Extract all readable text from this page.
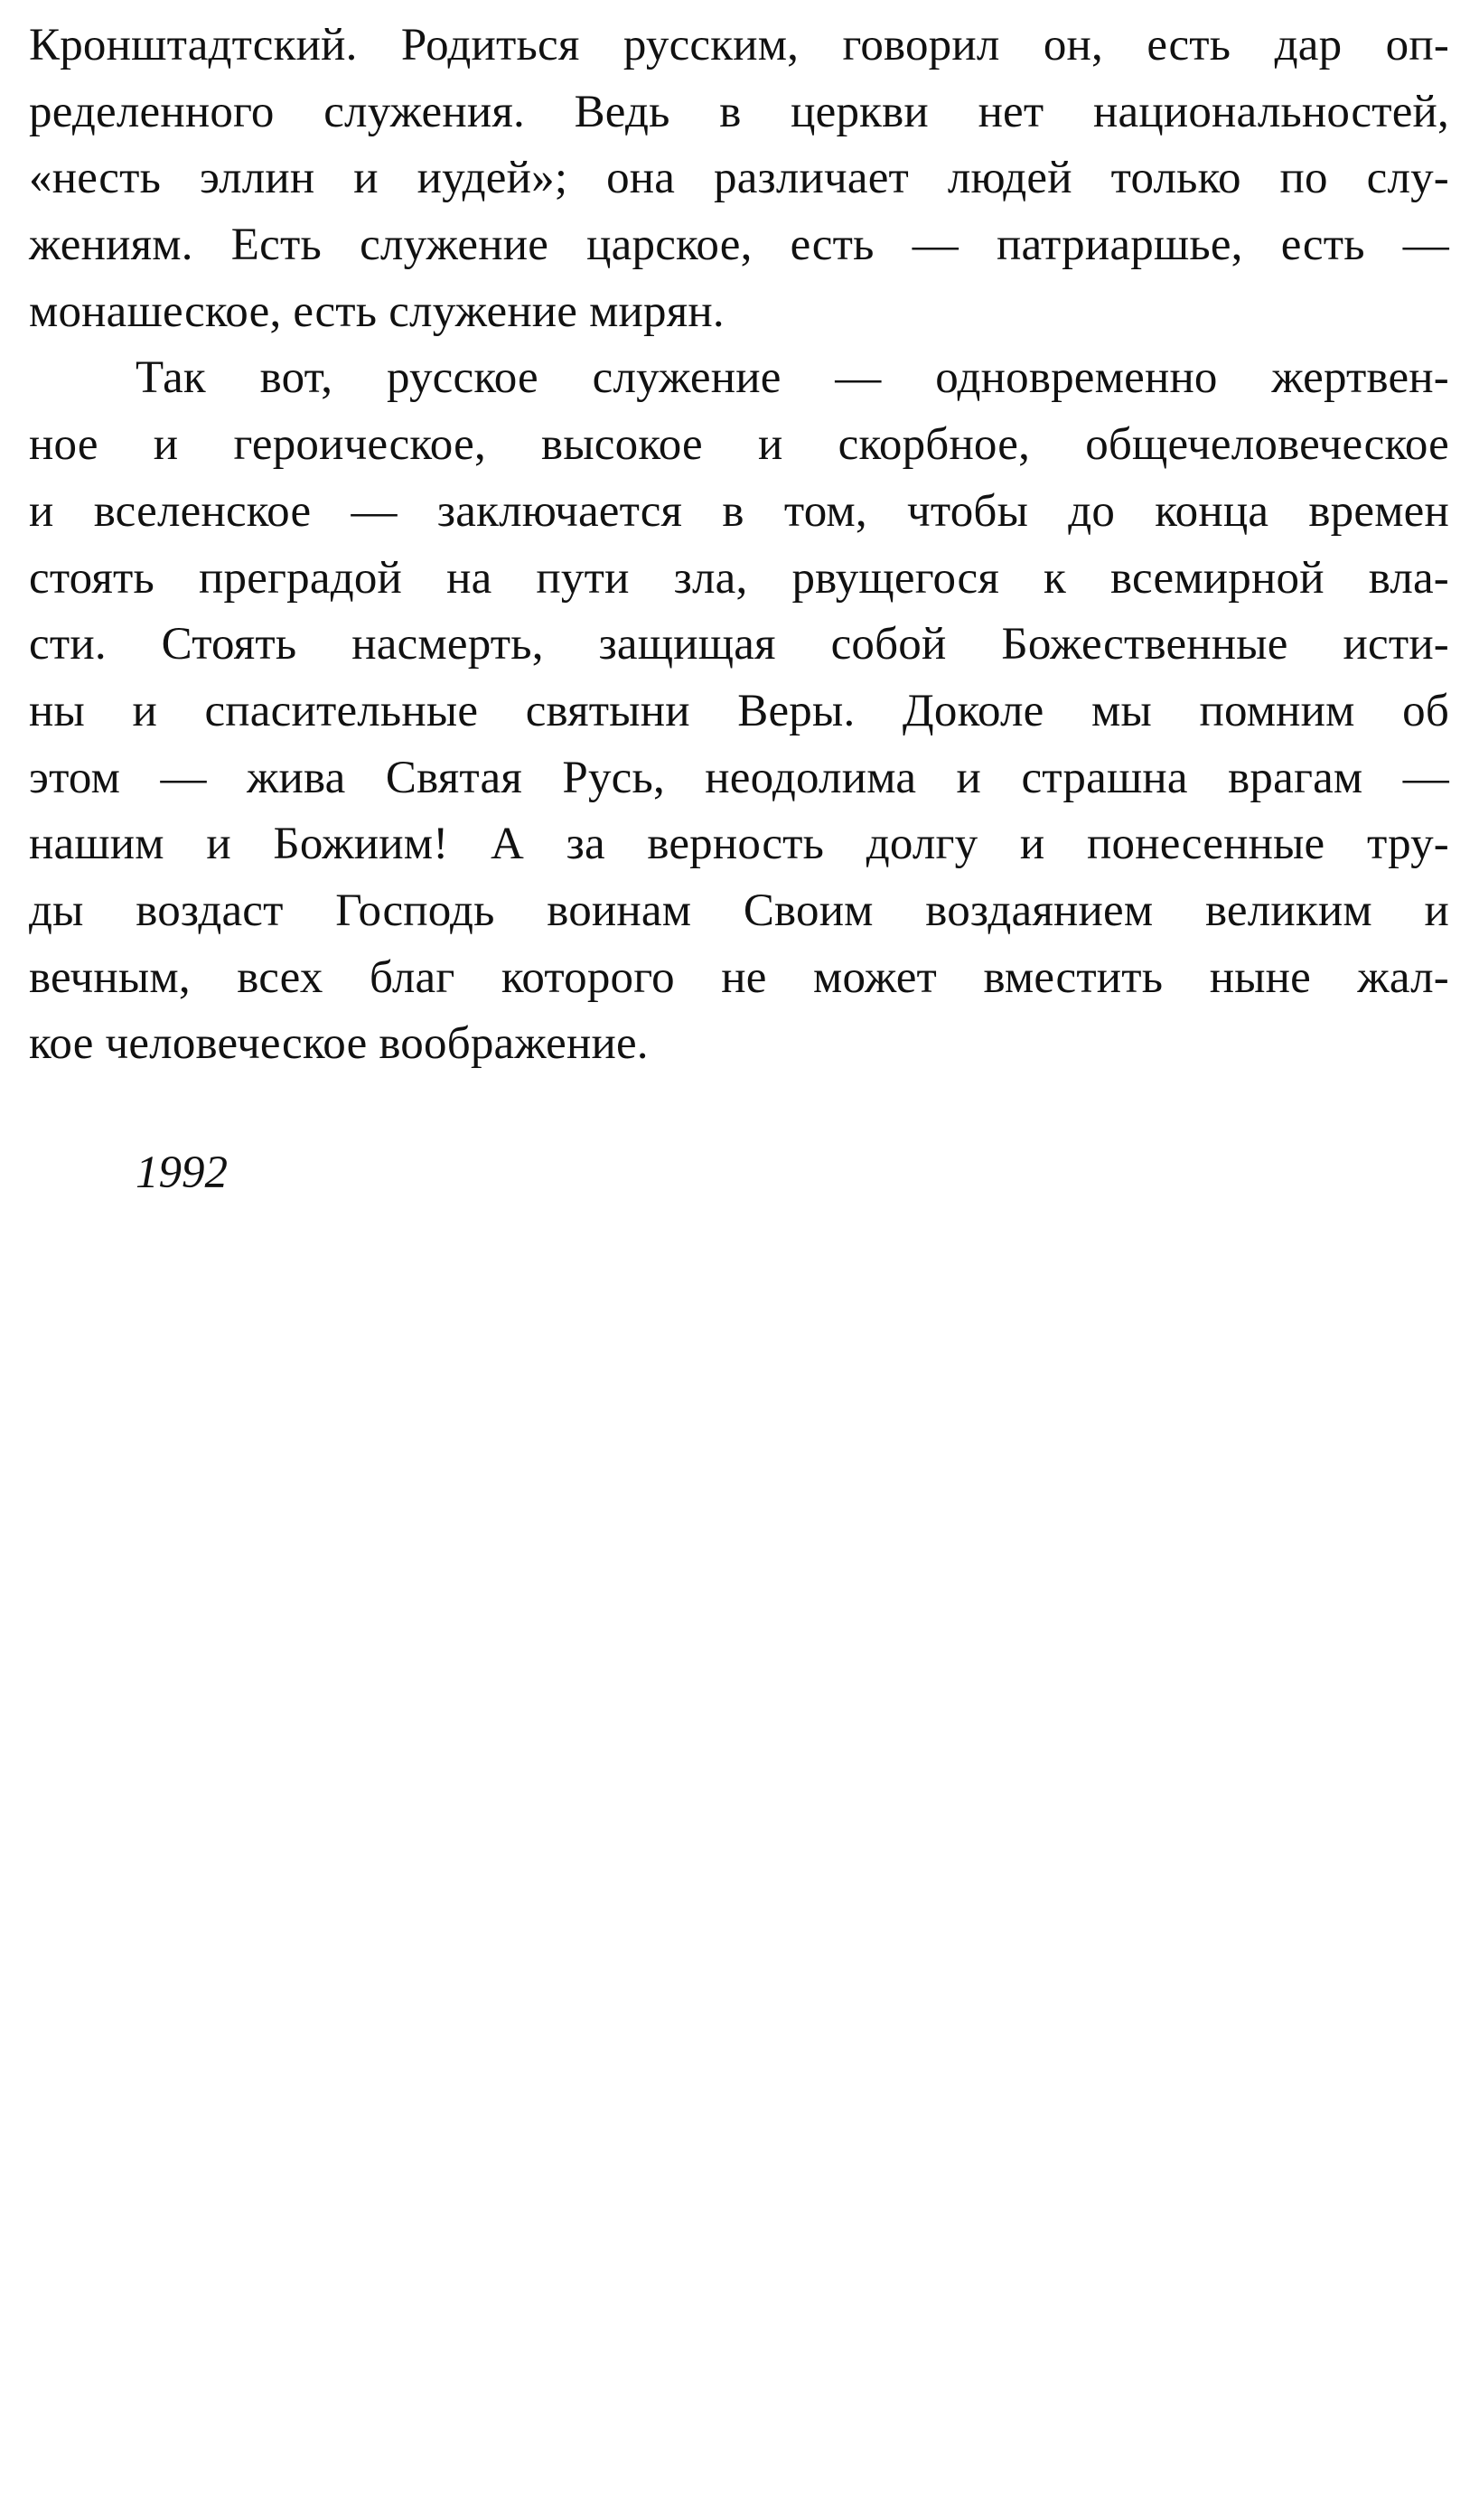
Кронштадтский. Родиться русским, говорил он, есть дар оп-
ределенного служения. Ведь в церкви нет национальностей,
«несть эллин и иудей»; она различает людей только по слу-
жениям. Есть служение царское, есть — патриаршье, есть —
монашеское, есть служение мирян.
Так вот, русское служение — одновременно жертвен-
ное и героическое, высокое и скорбное, общечеловеческое
и вселенское — заключается в том, чтобы до конца времен
стоять преградой на пути зла, рвущегося к всемирной вла-
сти. Стоять насмерть, защищая собой Божественные исти-
ны и спасительные святыни Веры. Доколе мы помним об
этом — жива Святая Русь, неодолима и страшна врагам —
нашим и Божиим! А за верность долгу и понесенные тру-
ды воздаст Господь воинам Своим воздаянием великим и
вечным, всех благ которого не может вместить ныне жал-
кое человеческое воображение.
1992
